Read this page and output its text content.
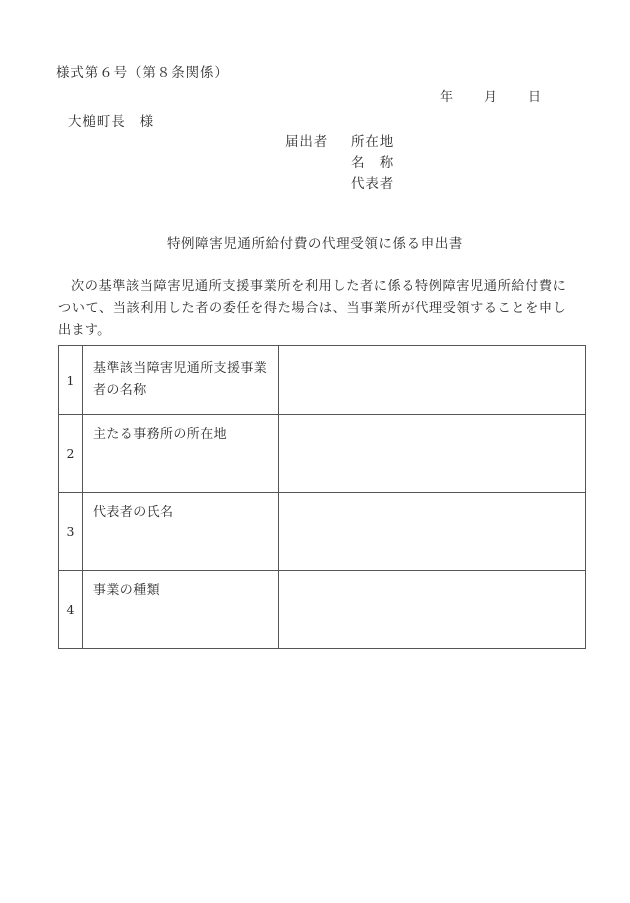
様式第６号（第８条関係）
年 月 日
大槌町長 様
届出者 所在地
名　称
代表者
特例障害児通所給付費の代理受領に係る申出書
次の基準該当障害児通所支援事業所を利用した者に係る特例障害児通所給付費について、当該利用した者の委任を得た場合は、当事業所が代理受領することを申し出ます。
1	基準該当障害児通所支援事業者の名称	
2	主たる事務所の所在地	
3	代表者の氏名	
4	事業の種類	
